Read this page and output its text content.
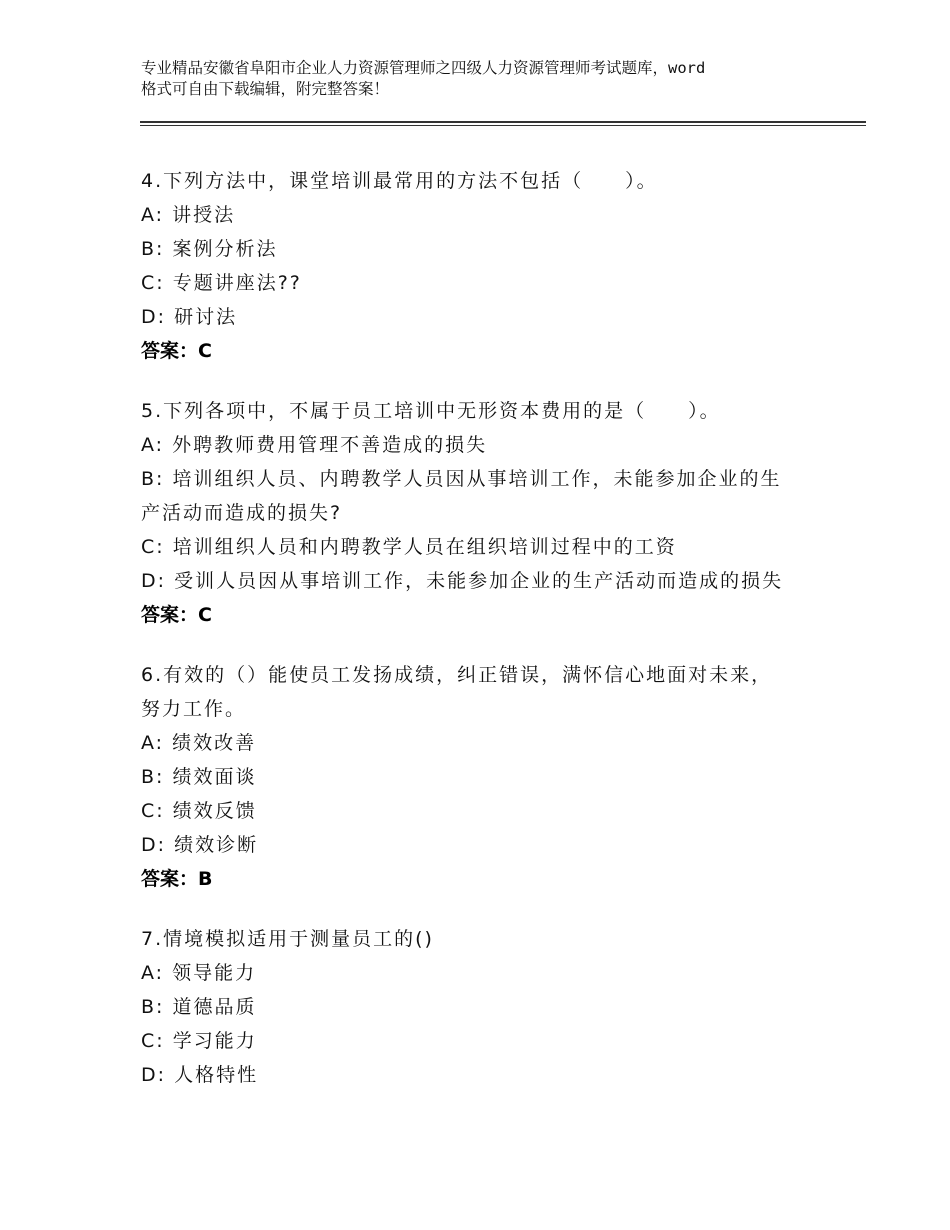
专业精品安徽省阜阳市企业人力资源管理师之四级人力资源管理师考试题库，word
格式可自由下载编辑，附完整答案！
4.下列方法中，课堂培训最常用的方法不包括（　　）。
A: 讲授法
B: 案例分析法
C: 专题讲座法??
D: 研讨法
答案：C
5.下列各项中，不属于员工培训中无形资本费用的是（　　）。
A: 外聘教师费用管理不善造成的损失
B: 培训组织人员、内聘教学人员因从事培训工作，未能参加企业的生
产活动而造成的损失?
C: 培训组织人员和内聘教学人员在组织培训过程中的工资
D: 受训人员因从事培训工作，未能参加企业的生产活动而造成的损失
答案：C
6.有效的（）能使员工发扬成绩，纠正错误，满怀信心地面对未来，
努力工作。
A: 绩效改善
B: 绩效面谈
C: 绩效反馈
D: 绩效诊断
答案：B
7.情境模拟适用于测量员工的()
A: 领导能力
B: 道德品质
C: 学习能力
D: 人格特性
